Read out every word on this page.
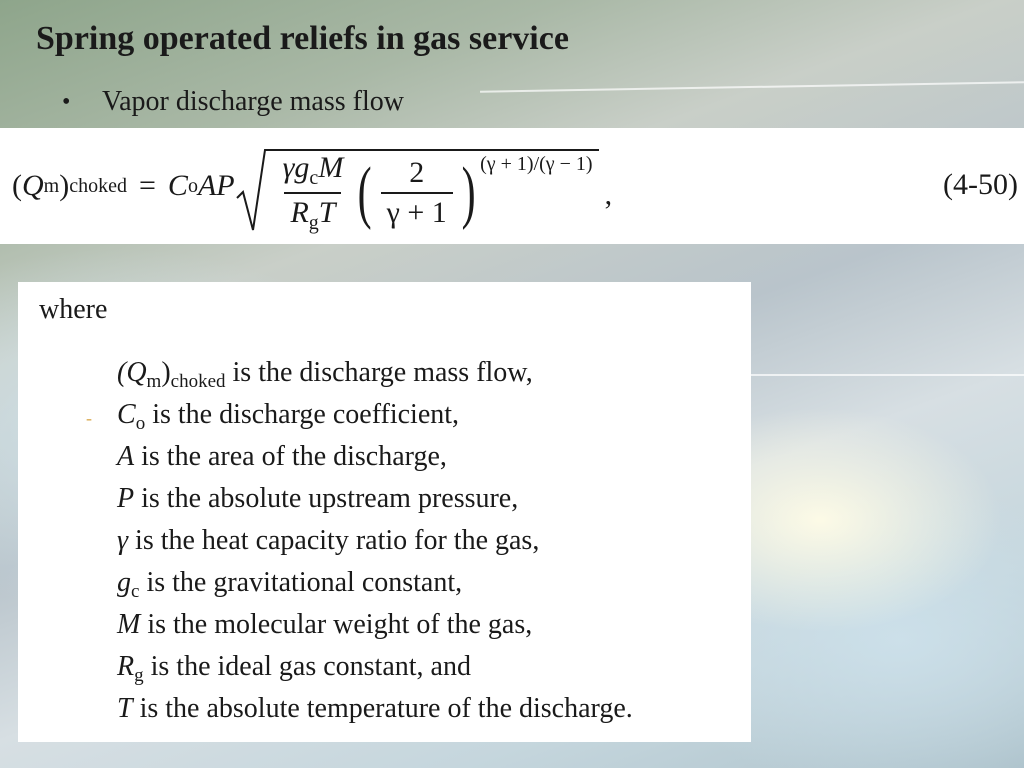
Spring operated reliefs in gas service
•	Vapor discharge mass flow
( Q m ) choked = C o AP $\frac{\gamma g_cM}{R_gT}$ ( $\frac{2}{\gamma + 1}$ ) (γ + 1)/(γ − 1)
,	(4-50)
where
-
$(Q_m)_{choked}$ is the discharge mass flow,
$C_o$ is the discharge coefficient,
A is the area of the discharge,
P is the absolute upstream pressure,
γ is the heat capacity ratio for the gas,
$g_c$ is the gravitational constant,
M is the molecular weight of the gas,
$R_g$ is the ideal gas constant, and
T is the absolute temperature of the discharge.
